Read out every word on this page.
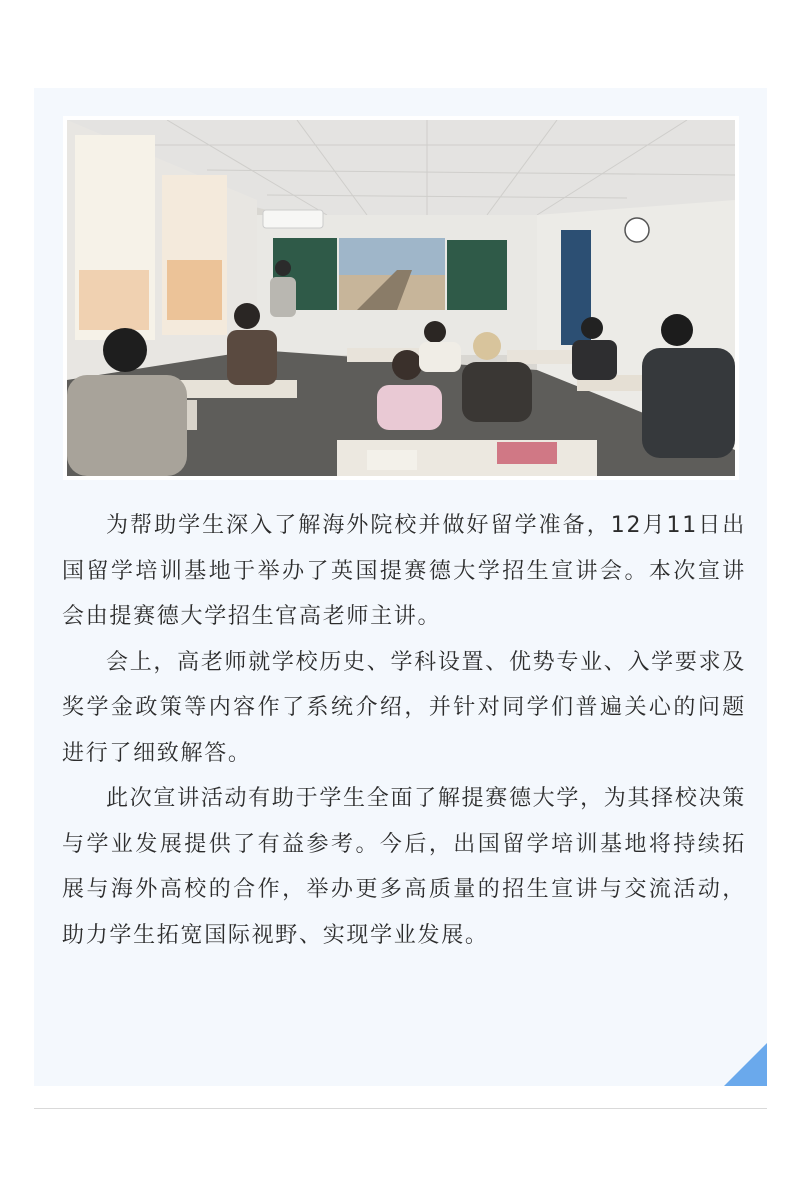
为帮助学生深入了解海外院校并做好留学准备，12月11日出国留学培训基地于举办了英国提赛德大学招生宣讲会。本次宣讲会由提赛德大学招生官高老师主讲。

会上，高老师就学校历史、学科设置、优势专业、入学要求及奖学金政策等内容作了系统介绍，并针对同学们普遍关心的问题进行了细致解答。

此次宣讲活动有助于学生全面了解提赛德大学，为其择校决策与学业发展提供了有益参考。今后，出国留学培训基地将持续拓展与海外高校的合作，举办更多高质量的招生宣讲与交流活动，助力学生拓宽国际视野、实现学业发展。
